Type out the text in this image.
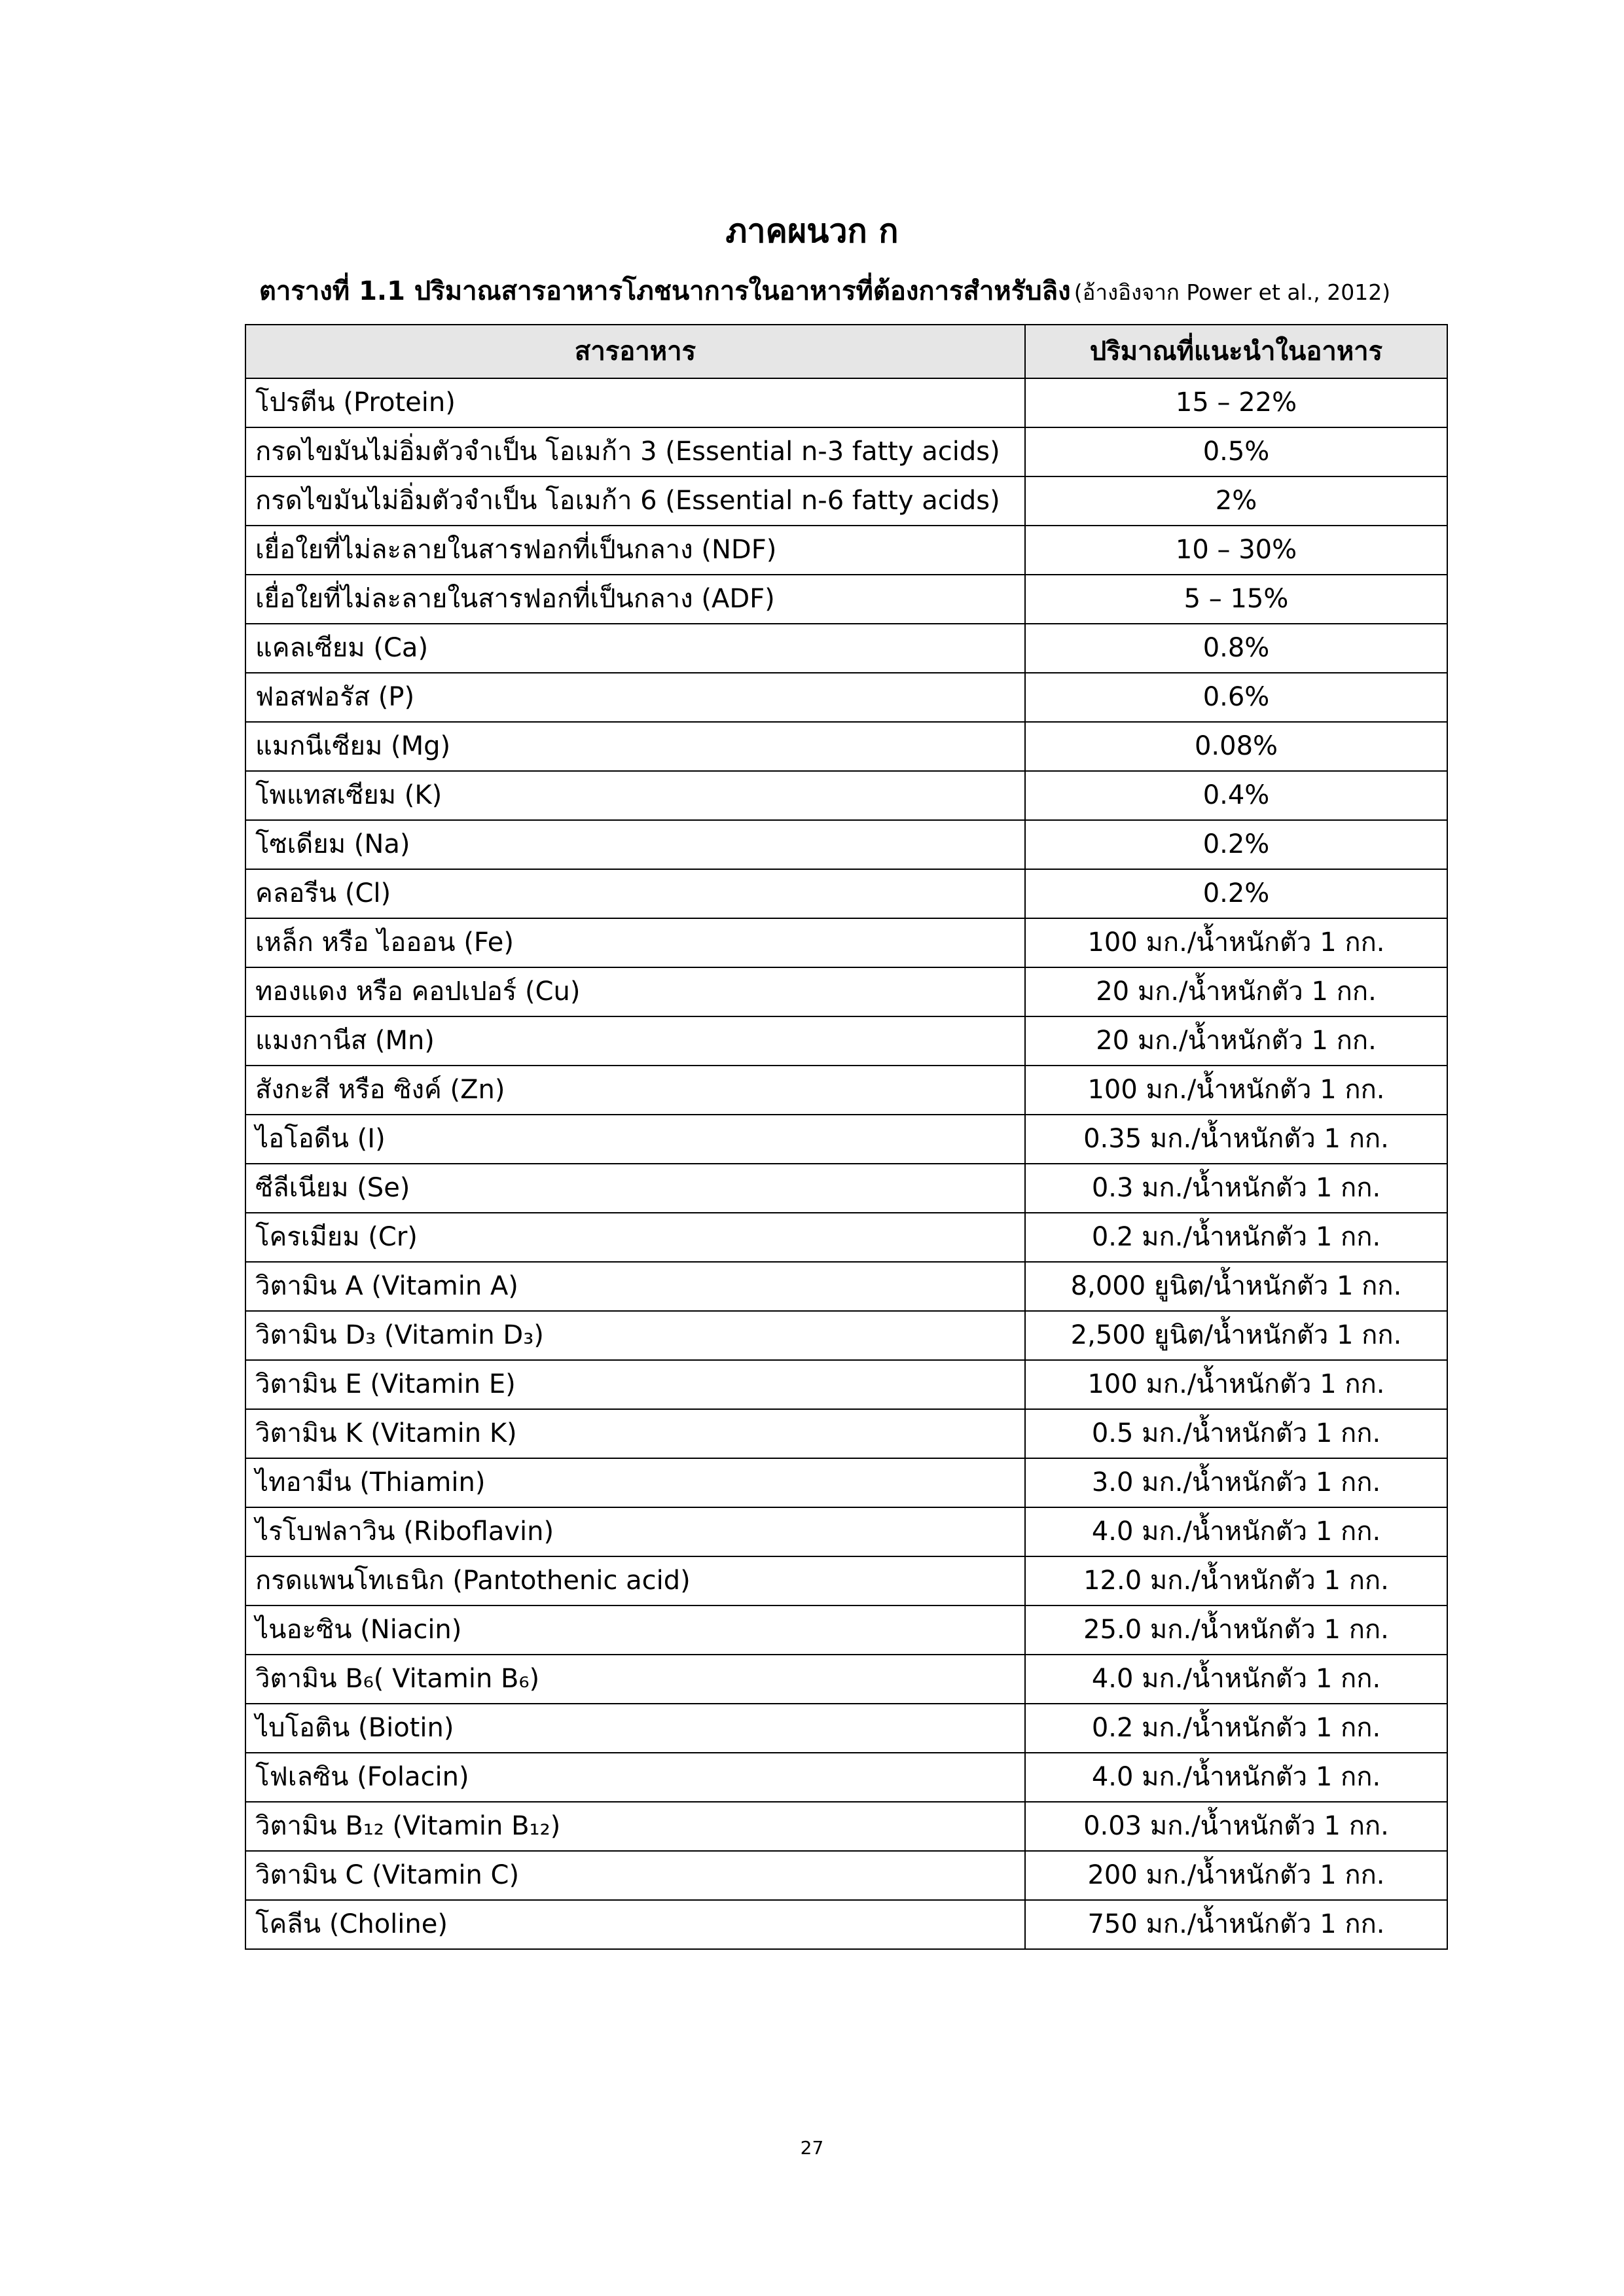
ภาคผนวก ก
ตารางที่ 1.1 ปริมาณสารอาหารโภชนาการในอาหารที่ต้องการสำหรับลิง (อ้างอิงจาก Power et al., 2012)
สารอาหาร	ปริมาณที่แนะนำในอาหาร
โปรตีน (Protein)	15 – 22%
กรดไขมันไม่อิ่มตัวจำเป็น โอเมก้า 3 (Essential n-3 fatty acids)	0.5%
กรดไขมันไม่อิ่มตัวจำเป็น โอเมก้า 6 (Essential n-6 fatty acids)	2%
เยื่อใยที่ไม่ละลายในสารฟอกที่เป็นกลาง (NDF)	10 – 30%
เยื่อใยที่ไม่ละลายในสารฟอกที่เป็นกลาง (ADF)	5 – 15%
แคลเซียม (Ca)	0.8%
ฟอสฟอรัส (P)	0.6%
แมกนีเซียม (Mg)	0.08%
โพแทสเซียม (K)	0.4%
โซเดียม (Na)	0.2%
คลอรีน (Cl)	0.2%
เหล็ก หรือ ไอออน (Fe)	100 มก./น้ำหนักตัว 1 กก.
ทองแดง หรือ คอปเปอร์ (Cu)	20 มก./น้ำหนักตัว 1 กก.
แมงกานีส (Mn)	20 มก./น้ำหนักตัว 1 กก.
สังกะสี หรือ ซิงค์ (Zn)	100 มก./น้ำหนักตัว 1 กก.
ไอโอดีน (I)	0.35 มก./น้ำหนักตัว 1 กก.
ซีลีเนียม (Se)	0.3 มก./น้ำหนักตัว 1 กก.
โครเมียม (Cr)	0.2 มก./น้ำหนักตัว 1 กก.
วิตามิน A (Vitamin A)	8,000 ยูนิต/น้ำหนักตัว 1 กก.
วิตามิน D₃ (Vitamin D₃)	2,500 ยูนิต/น้ำหนักตัว 1 กก.
วิตามิน E (Vitamin E)	100 มก./น้ำหนักตัว 1 กก.
วิตามิน K (Vitamin K)	0.5 มก./น้ำหนักตัว 1 กก.
ไทอามีน (Thiamin)	3.0 มก./น้ำหนักตัว 1 กก.
ไรโบฟลาวิน (Riboflavin)	4.0 มก./น้ำหนักตัว 1 กก.
กรดแพนโทเธนิก (Pantothenic acid)	12.0 มก./น้ำหนักตัว 1 กก.
ไนอะซิน (Niacin)	25.0 มก./น้ำหนักตัว 1 กก.
วิตามิน B₆( Vitamin B₆)	4.0 มก./น้ำหนักตัว 1 กก.
ไบโอติน (Biotin)	0.2 มก./น้ำหนักตัว 1 กก.
โฟเลซิน (Folacin)	4.0 มก./น้ำหนักตัว 1 กก.
วิตามิน B₁₂ (Vitamin B₁₂)	0.03 มก./น้ำหนักตัว 1 กก.
วิตามิน C (Vitamin C)	200 มก./น้ำหนักตัว 1 กก.
โคลีน (Choline)	750 มก./น้ำหนักตัว 1 กก.
27
